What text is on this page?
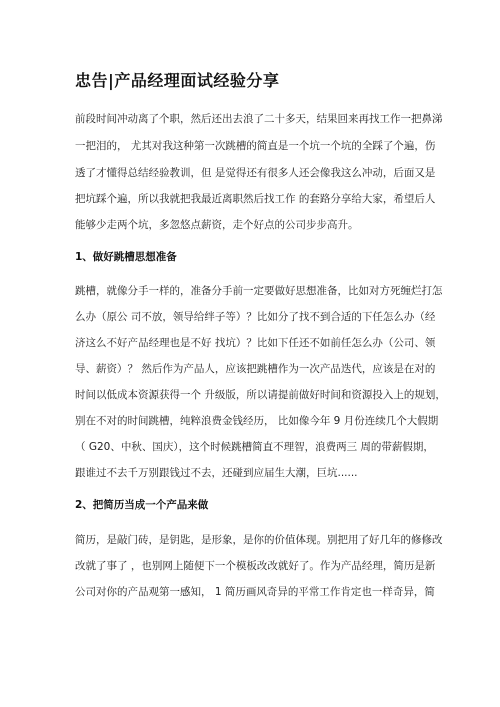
忠告|产品经理面试经验分享
前段时间冲动离了个职，然后还出去浪了二十多天，结果回来再找工作一把鼻涕
一把泪的， 尤其对我这种第一次跳槽的简直是一个坑一个坑的全踩了个遍，伤
透了才懂得总结经验教训，但 是觉得还有很多人还会像我这么冲动，后面又是
把坑踩个遍，所以我就把我最近离职然后找工作 的套路分享给大家，希望后人
能够少走两个坑，多忽悠点薪资，走个好点的公司步步高升。
1、做好跳槽思想准备
跳槽，就像分手一样的，准备分手前一定要做好思想准备，比如对方死缠烂打怎
么办（原公 司不放，领导给绊子等）？比如分了找不到合适的下任怎么办（经
济这么不好产品经理也是不好 找坑）？比如下任还不如前任怎么办（公司、领
导、薪资）？ 然后作为产品人，应该把跳槽作为一次产品迭代，应该是在对的
时间以低成本资源获得一个 升级版，所以请提前做好时间和资源投入上的规划，
别在不对的时间跳槽，纯粹浪费金钱经历， 比如像今年 9 月份连续几个大假期
（ G20、中秋、国庆），这个时候跳槽简直不理智，浪费两三 周的带薪假期，
跟谁过不去千万别跟钱过不去，还碰到应届生大潮，巨坑......
2、把简历当成一个产品来做
简历，是敲门砖，是钥匙，是形象，是你的价值体现。别把用了好几年的修修改
改就了事了 ，也别网上随便下一个模板改改就好了。作为产品经理，简历是新
公司对你的产品观第一感知， 1 简历画风奇异的平常工作肯定也一样奇异，简
